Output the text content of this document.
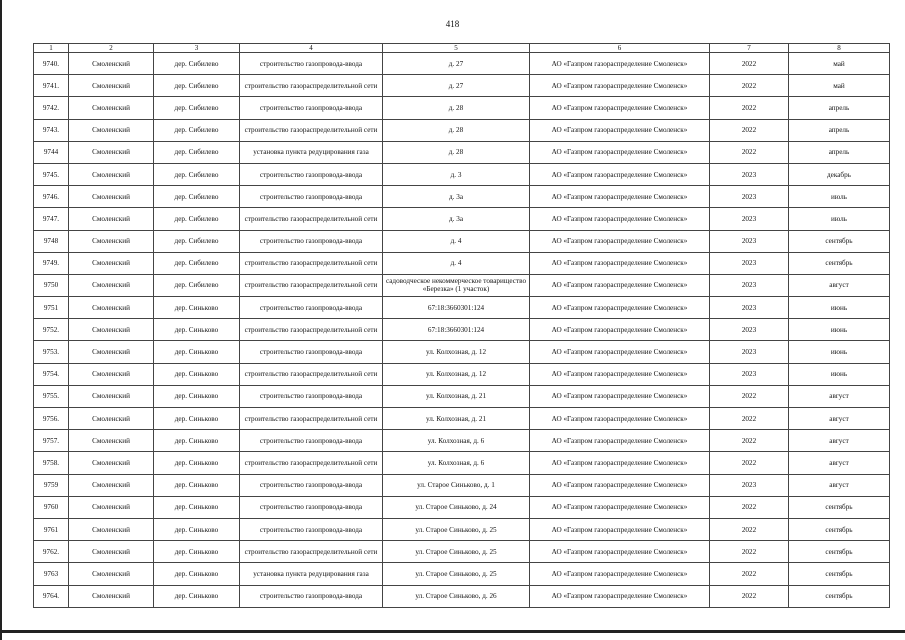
418
1	2	3	4	5	6	7	8
9740.	Смоленский	дер. Сибилево	строительство газопровода-ввода	д. 27	АО «Газпром газораспределение Смоленск»	2022	май
9741.	Смоленский	дер. Сибилево	строительство газораспределительной сети	д. 27	АО «Газпром газораспределение Смоленск»	2022	май
9742.	Смоленский	дер. Сибилево	строительство газопровода-ввода	д. 28	АО «Газпром газораспределение Смоленск»	2022	апрель
9743.	Смоленский	дер. Сибилево	строительство газораспределительной сети	д. 28	АО «Газпром газораспределение Смоленск»	2022	апрель
9744	Смоленский	дер. Сибилево	установка пункта редуцирования газа	д. 28	АО «Газпром газораспределение Смоленск»	2022	апрель
9745.	Смоленский	дер. Сибилево	строительство газопровода-ввода	д. 3	АО «Газпром газораспределение Смоленск»	2023	декабрь
9746.	Смоленский	дер. Сибилево	строительство газопровода-ввода	д. 3а	АО «Газпром газораспределение Смоленск»	2023	июль
9747.	Смоленский	дер. Сибилево	строительство газораспределительной сети	д. 3а	АО «Газпром газораспределение Смоленск»	2023	июль
9748	Смоленский	дер. Сибилево	строительство газопровода-ввода	д. 4	АО «Газпром газораспределение Смоленск»	2023	сентябрь
9749.	Смоленский	дер. Сибилево	строительство газораспределительной сети	д. 4	АО «Газпром газораспределение Смоленск»	2023	сентябрь
9750	Смоленский	дер. Сибилево	строительство газораспределительной сети	садоводческое некоммерческое товарищество «Березка» (1 участок)	АО «Газпром газораспределение Смоленск»	2023	август
9751	Смоленский	дер. Синьково	строительство газопровода-ввода	67:18:3660301:124	АО «Газпром газораспределение Смоленск»	2023	июнь
9752.	Смоленский	дер. Синьково	строительство газораспределительной сети	67:18:3660301:124	АО «Газпром газораспределение Смоленск»	2023	июнь
9753.	Смоленский	дер. Синьково	строительство газопровода-ввода	ул. Колхозная, д. 12	АО «Газпром газораспределение Смоленск»	2023	июнь
9754.	Смоленский	дер. Синьково	строительство газораспределительной сети	ул. Колхозная, д. 12	АО «Газпром газораспределение Смоленск»	2023	июнь
9755.	Смоленский	дер. Синьково	строительство газопровода-ввода	ул. Колхозная, д. 21	АО «Газпром газораспределение Смоленск»	2022	август
9756.	Смоленский	дер. Синьково	строительство газораспределительной сети	ул. Колхозная, д. 21	АО «Газпром газораспределение Смоленск»	2022	август
9757.	Смоленский	дер. Синьково	строительство газопровода-ввода	ул. Колхозная, д. 6	АО «Газпром газораспределение Смоленск»	2022	август
9758.	Смоленский	дер. Синьково	строительство газораспределительной сети	ул. Колхозная, д. 6	АО «Газпром газораспределение Смоленск»	2022	август
9759	Смоленский	дер. Синьково	строительство газопровода-ввода	ул. Старое Синьково, д. 1	АО «Газпром газораспределение Смоленск»	2023	август
9760	Смоленский	дер. Синьково	строительство газопровода-ввода	ул. Старое Синьково, д. 24	АО «Газпром газораспределение Смоленск»	2022	сентябрь
9761	Смоленский	дер. Синьково	строительство газопровода-ввода	ул. Старое Синьково, д. 25	АО «Газпром газораспределение Смоленск»	2022	сентябрь
9762.	Смоленский	дер. Синьково	строительство газораспределительной сети	ул. Старое Синьково, д. 25	АО «Газпром газораспределение Смоленск»	2022	сентябрь
9763	Смоленский	дер. Синьково	установка пункта редуцирования газа	ул. Старое Синьково, д. 25	АО «Газпром газораспределение Смоленск»	2022	сентябрь
9764.	Смоленский	дер. Синьково	строительство газопровода-ввода	ул. Старое Синьково, д. 26	АО «Газпром газораспределение Смоленск»	2022	сентябрь
